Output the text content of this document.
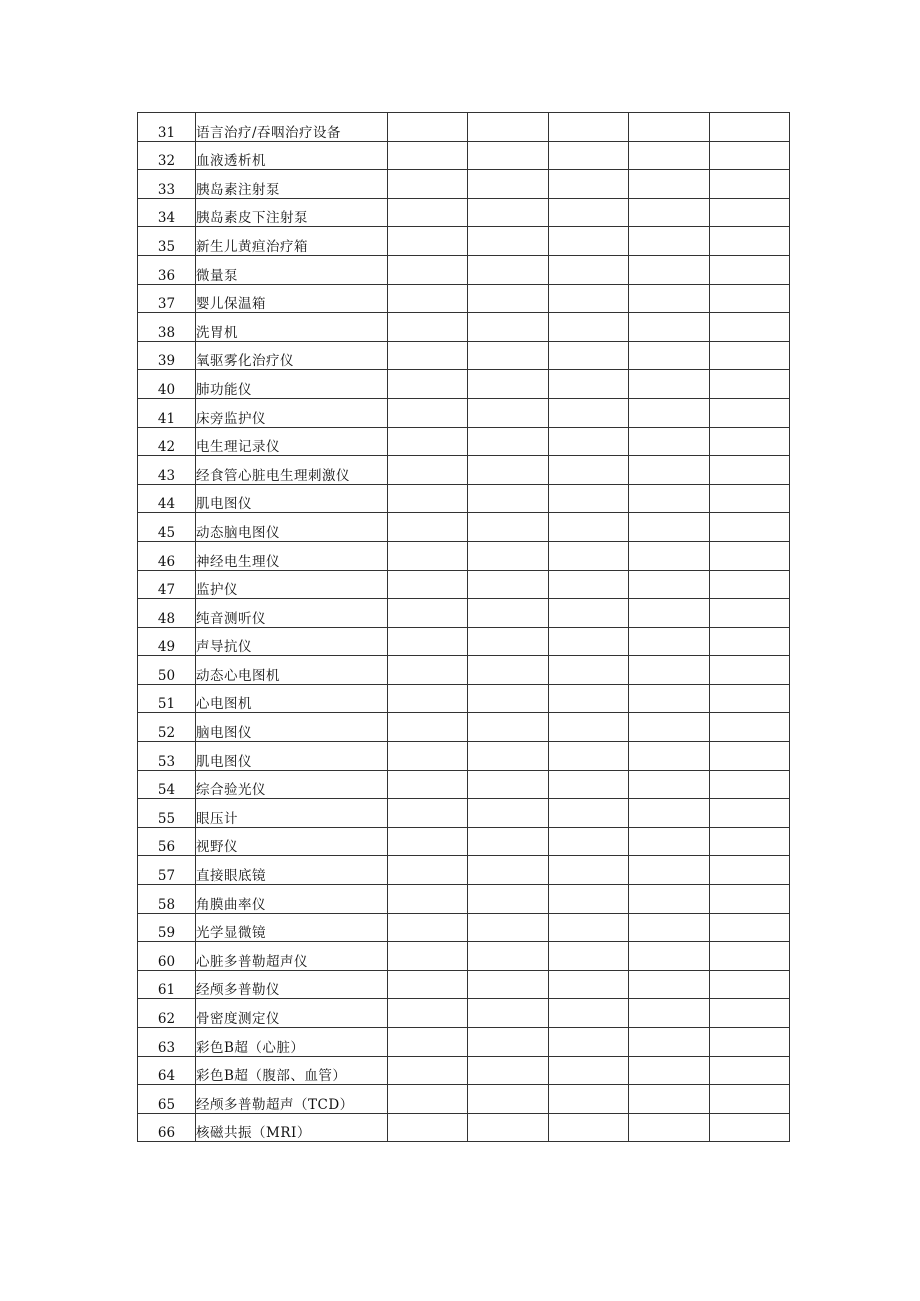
31	语言治疗/吞咽治疗设备					
32	血液透析机					
33	胰岛素注射泵					
34	胰岛素皮下注射泵					
35	新生儿黄疸治疗箱					
36	微量泵					
37	婴儿保温箱					
38	洗胃机					
39	氧驱雾化治疗仪					
40	肺功能仪					
41	床旁监护仪					
42	电生理记录仪					
43	经食管心脏电生理刺激仪					
44	肌电图仪					
45	动态脑电图仪					
46	神经电生理仪					
47	监护仪					
48	纯音测听仪					
49	声导抗仪					
50	动态心电图机					
51	心电图机					
52	脑电图仪					
53	肌电图仪					
54	综合验光仪					
55	眼压计					
56	视野仪					
57	直接眼底镜					
58	角膜曲率仪					
59	光学显微镜					
60	心脏多普勒超声仪					
61	经颅多普勒仪					
62	骨密度测定仪					
63	彩色B超（心脏）					
64	彩色B超（腹部、血管）					
65	经颅多普勒超声（TCD）					
66	核磁共振（MRI）					
